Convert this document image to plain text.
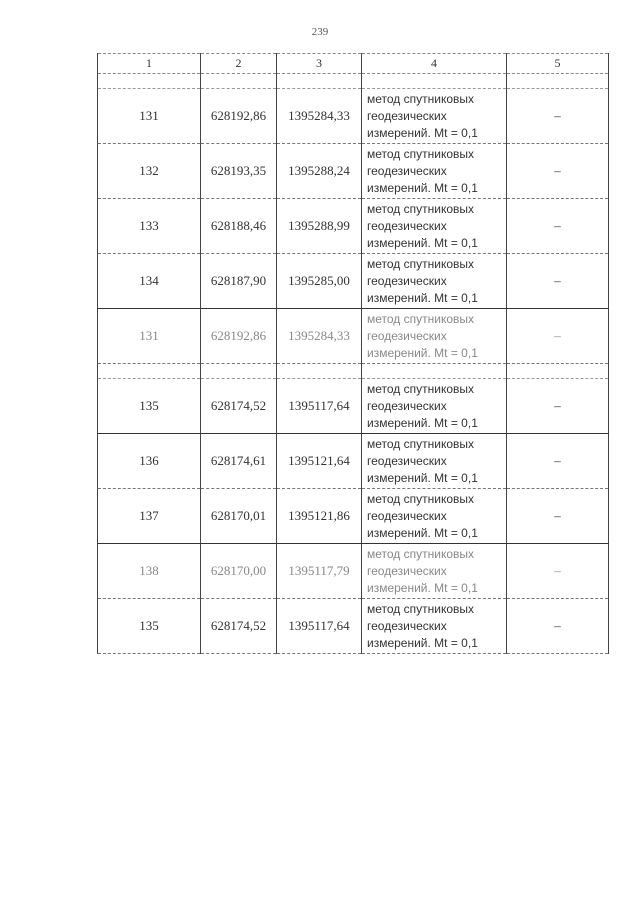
239
1	2	3	4	5

131	628192,86	1395284,33	метод спутниковых
геодезических
измерений. Mt = 0,1	–
132	628193,35	1395288,24	метод спутниковых
геодезических
измерений. Mt = 0,1	–
133	628188,46	1395288,99	метод спутниковых
геодезических
измерений. Mt = 0,1	–
134	628187,90	1395285,00	метод спутниковых
геодезических
измерений. Mt = 0,1	–
131	628192,86	1395284,33	метод спутниковых
геодезических
измерений. Mt = 0,1	–

135	628174,52	1395117,64	метод спутниковых
геодезических
измерений. Mt = 0,1	–
136	628174,61	1395121,64	метод спутниковых
геодезических
измерений. Mt = 0,1	–
137	628170,01	1395121,86	метод спутниковых
геодезических
измерений. Mt = 0,1	–
138	628170,00	1395117,79	метод спутниковых
геодезических
измерений. Mt = 0,1	–
135	628174,52	1395117,64	метод спутниковых
геодезических
измерений. Mt = 0,1	–
